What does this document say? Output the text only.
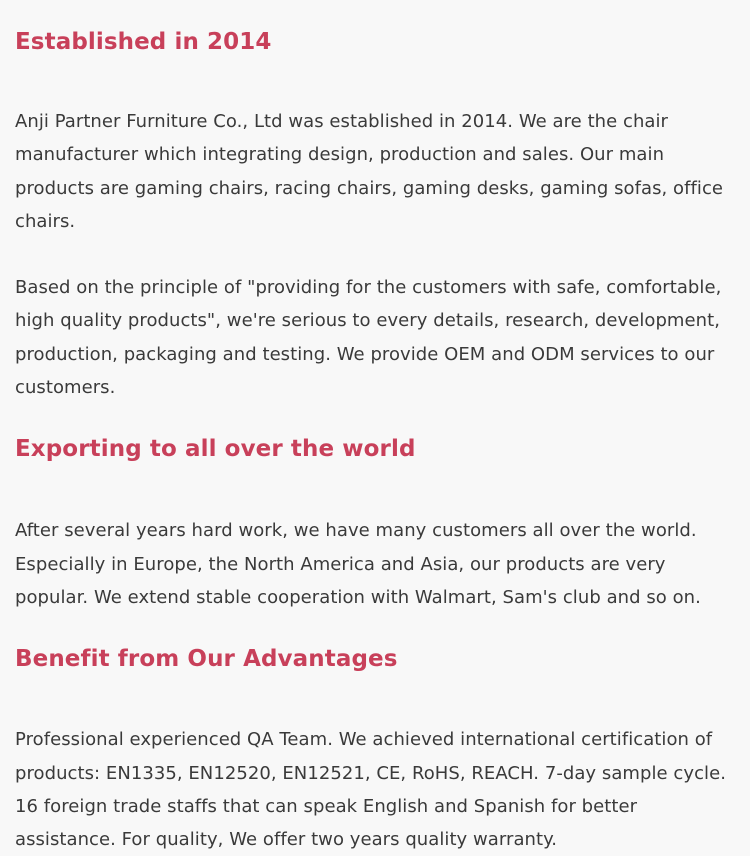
Established in 2014

Anji Partner Furniture Co., Ltd was established in 2014. We are the chair manufacturer which integrating design, production and sales. Our main products are gaming chairs, racing chairs, gaming desks, gaming sofas, office chairs.

Based on the principle of "providing for the customers with safe, comfortable, high quality products", we're serious to every details, research, development, production, packaging and testing. We provide OEM and ODM services to our customers.

Exporting to all over the world

After several years hard work, we have many customers all over the world. Especially in Europe, the North America and Asia, our products are very popular. We extend stable cooperation with Walmart, Sam's club and so on.

Benefit from Our Advantages

Professional experienced QA Team. We achieved international certification of products: EN1335, EN12520, EN12521, CE, RoHS, REACH. 7-day sample cycle. 16 foreign trade staffs that can speak English and Spanish for better assistance. For quality, We offer two years quality warranty.
